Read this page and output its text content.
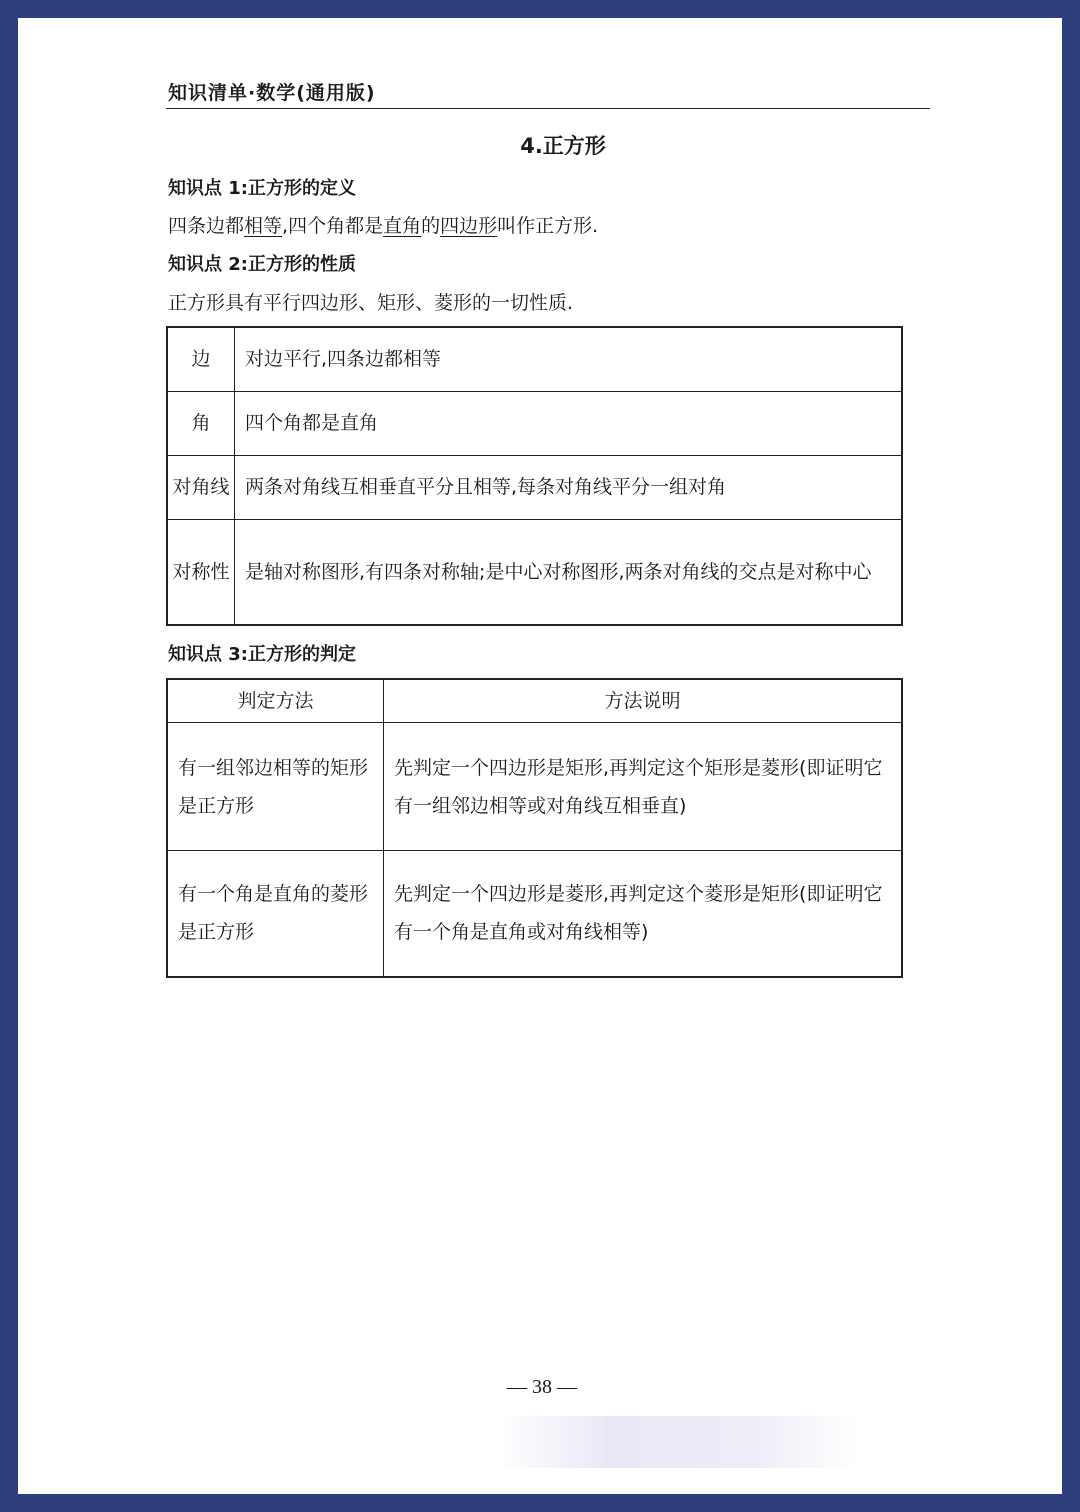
知识清单·数学(通用版)
4.正方形
知识点 1:正方形的定义
四条边都相等,四个角都是直角的四边形叫作正方形.
知识点 2:正方形的性质
正方形具有平行四边形、矩形、菱形的一切性质.
边	对边平行,四条边都相等
角	四个角都是直角
对角线	两条对角线互相垂直平分且相等,每条对角线平分一组对角
对称性	是轴对称图形,有四条对称轴;是中心对称图形,两条对角线的交点是对称中心
知识点 3:正方形的判定
判定方法	方法说明
有一组邻边相等的矩形是正方形	先判定一个四边形是矩形,再判定这个矩形是菱形(即证明它有一组邻边相等或对角线互相垂直)
有一个角是直角的菱形是正方形	先判定一个四边形是菱形,再判定这个菱形是矩形(即证明它有一个角是直角或对角线相等)
— 38 —
